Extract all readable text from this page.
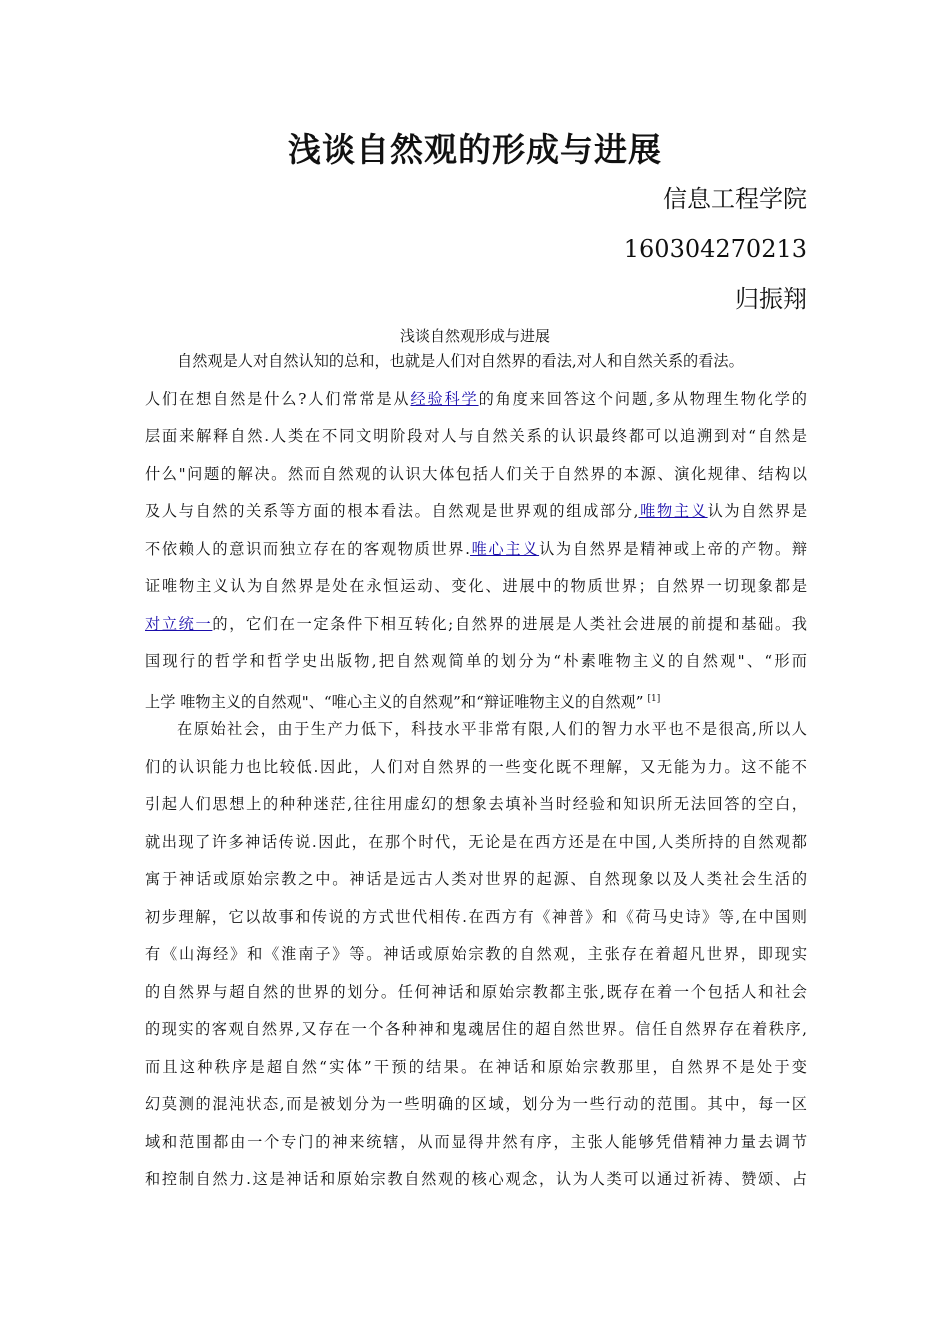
浅谈自然观的形成与进展
信息工程学院
160304270213
归振翔
浅谈自然观形成与进展
自然观是人对自然认知的总和，也就是人们对自然界的看法,对人和自然关系的看法。
人们在想自然是什么?人们常常是从经验科学的角度来回答这个问题,多从物理生物化学的
层面来解释自然.人类在不同文明阶段对人与自然关系的认识最终都可以追溯到对“自然是
什么"问题的解决。然而自然观的认识大体包括人们关于自然界的本源、演化规律、结构以
及人与自然的关系等方面的根本看法。自然观是世界观的组成部分,唯物主义认为自然界是
不依赖人的意识而独立存在的客观物质世界.唯心主义认为自然界是精神或上帝的产物。辩
证唯物主义认为自然界是处在永恒运动、变化、进展中的物质世界；自然界一切现象都是
对立统一的，它们在一定条件下相互转化;自然界的进展是人类社会进展的前提和基础。我
国现行的哲学和哲学史出版物,把自然观简单的划分为“朴素唯物主义的自然观"、“形而
上学 唯物主义的自然观"、“唯心主义的自然观”和“辩证唯物主义的自然观” [1]
在原始社会，由于生产力低下，科技水平非常有限,人们的智力水平也不是很高,所以人
们的认识能力也比较低.因此，人们对自然界的一些变化既不理解，又无能为力。这不能不
引起人们思想上的种种迷茫,往往用虚幻的想象去填补当时经验和知识所无法回答的空白，
就出现了许多神话传说.因此，在那个时代，无论是在西方还是在中国,人类所持的自然观都
寓于神话或原始宗教之中。神话是远古人类对世界的起源、自然现象以及人类社会生活的
初步理解，它以故事和传说的方式世代相传.在西方有《神普》和《荷马史诗》等,在中国则
有《山海经》和《淮南子》等。神话或原始宗教的自然观，主张存在着超凡世界，即现实
的自然界与超自然的世界的划分。任何神话和原始宗教都主张,既存在着一个包括人和社会
的现实的客观自然界,又存在一个各种神和鬼魂居住的超自然世界。信任自然界存在着秩序,
而且这种秩序是超自然“实体”干预的结果。在神话和原始宗教那里，自然界不是处于变
幻莫测的混沌状态,而是被划分为一些明确的区域，划分为一些行动的范围。其中，每一区
域和范围都由一个专门的神来统辖，从而显得井然有序，主张人能够凭借精神力量去调节
和控制自然力.这是神话和原始宗教自然观的核心观念，认为人类可以通过祈祷、赞颂、占
